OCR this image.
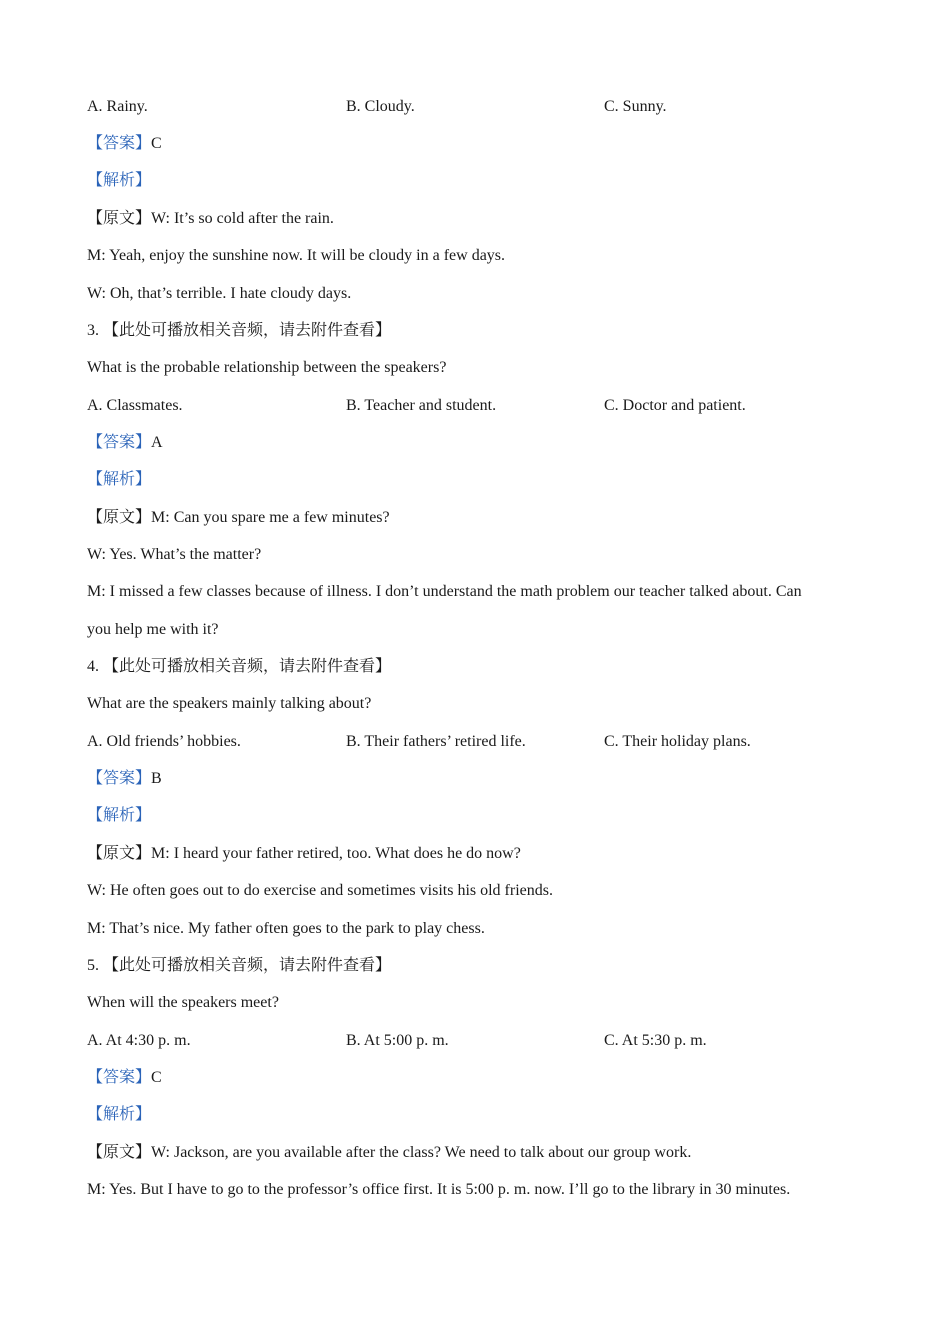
A. Rainy.	B. Cloudy.	C. Sunny.
【答案】C
【解析】
【原文】W: It’s so cold after the rain.
M: Yeah, enjoy the sunshine now. It will be cloudy in a few days.
W: Oh, that’s terrible. I hate cloudy days.
3. 【此处可播放相关音频，请去附件查看】
What is the probable relationship between the speakers?
A. Classmates.	B. Teacher and student.	C. Doctor and patient.
【答案】A
【解析】
【原文】M: Can you spare me a few minutes?
W: Yes. What’s the matter?
M: I missed a few classes because of illness. I don’t understand the math problem our teacher talked about. Can
you help me with it?
4. 【此处可播放相关音频，请去附件查看】
What are the speakers mainly talking about?
A. Old friends’ hobbies.	B. Their fathers’ retired life.	C. Their holiday plans.
【答案】B
【解析】
【原文】M: I heard your father retired, too. What does he do now?
W: He often goes out to do exercise and sometimes visits his old friends.
M: That’s nice. My father often goes to the park to play chess.
5. 【此处可播放相关音频，请去附件查看】
When will the speakers meet?
A. At 4:30 p. m.	B. At 5:00 p. m.	C. At 5:30 p. m.
【答案】C
【解析】
【原文】W: Jackson, are you available after the class? We need to talk about our group work.
M: Yes. But I have to go to the professor’s office first. It is 5:00 p. m. now. I’ll go to the library in 30 minutes.
